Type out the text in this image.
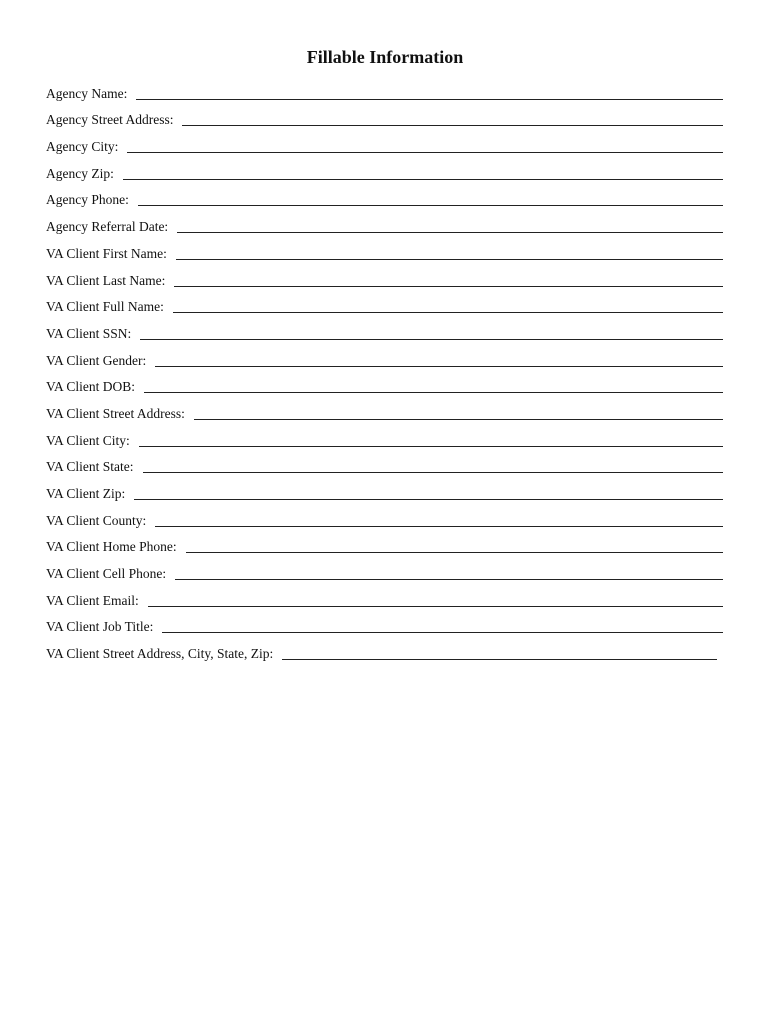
Fillable Information
Agency Name:
Agency Street Address:
Agency City:
Agency Zip:
Agency Phone:
Agency Referral Date:
VA Client First Name:
VA Client Last Name:
VA Client Full Name:
VA Client SSN:
VA Client Gender:
VA Client DOB:
VA Client Street Address:
VA Client City:
VA Client State:
VA Client Zip:
VA Client County:
VA Client Home Phone:
VA Client Cell Phone:
VA Client Email:
VA Client Job Title:
VA Client Street Address, City, State, Zip:
